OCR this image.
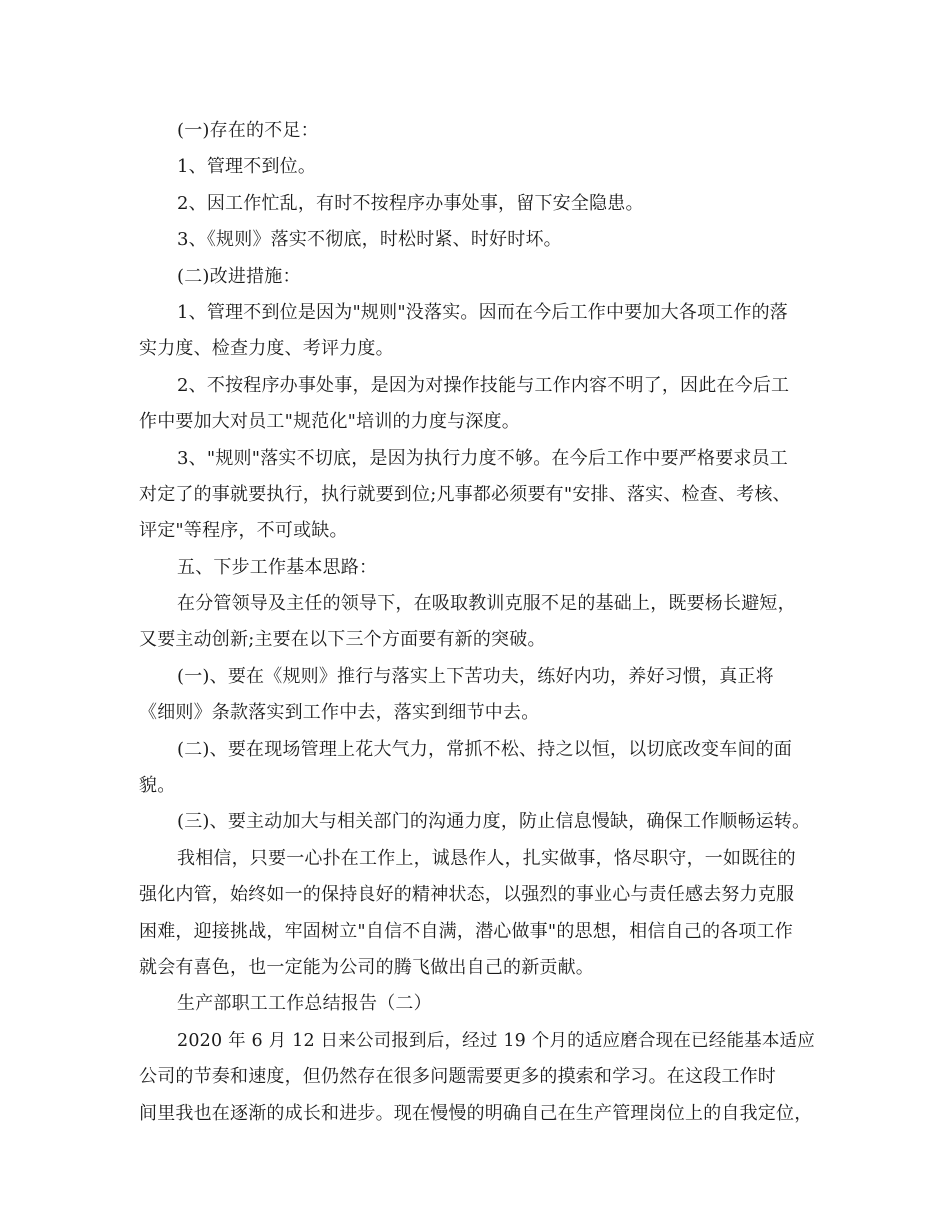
(一)存在的不足：
1、管理不到位。
2、因工作忙乱，有时不按程序办事处事，留下安全隐患。
3、《规则》落实不彻底，时松时紧、时好时坏。
(二)改进措施：
1、管理不到位是因为"规则"没落实。因而在今后工作中要加大各项工作的落
实力度、检查力度、考评力度。
2、不按程序办事处事，是因为对操作技能与工作内容不明了，因此在今后工
作中要加大对员工"规范化"培训的力度与深度。
3、"规则"落实不切底，是因为执行力度不够。在今后工作中要严格要求员工
对定了的事就要执行，执行就要到位;凡事都必须要有"安排、落实、检查、考核、
评定"等程序，不可或缺。
五、下步工作基本思路：
在分管领导及主任的领导下，在吸取教训克服不足的基础上，既要杨长避短，
又要主动创新;主要在以下三个方面要有新的突破。
(一)、要在《规则》推行与落实上下苦功夫，练好内功，养好习惯，真正将
《细则》条款落实到工作中去，落实到细节中去。
(二)、要在现场管理上花大气力，常抓不松、持之以恒，以切底改变车间的面
貌。
(三)、要主动加大与相关部门的沟通力度，防止信息慢缺，确保工作顺畅运转。
我相信，只要一心扑在工作上，诚恳作人，扎实做事，恪尽职守，一如既往的
强化内管，始终如一的保持良好的精神状态，以强烈的事业心与责任感去努力克服
困难，迎接挑战，牢固树立"自信不自满，潜心做事"的思想，相信自己的各项工作
就会有喜色，也一定能为公司的腾飞做出自己的新贡献。
生产部职工工作总结报告（二）
2020 年 6 月 12 日来公司报到后，经过 19 个月的适应磨合现在已经能基本适应
公司的节奏和速度，但仍然存在很多问题需要更多的摸索和学习。在这段工作时
间里我也在逐渐的成长和进步。现在慢慢的明确自己在生产管理岗位上的自我定位，
